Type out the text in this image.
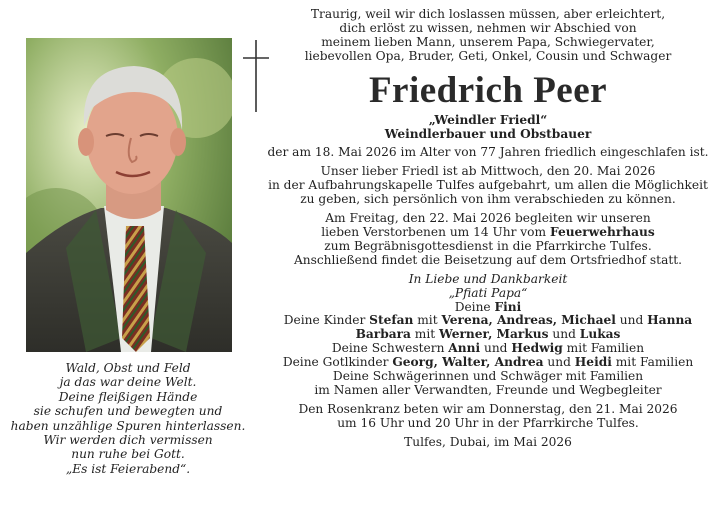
Wald, Obst und Feld
ja das war deine Welt.
Deine fleißigen Hände
sie schufen und bewegten und
haben unzählige Spuren hinterlassen.
Wir werden dich vermissen
nun ruhe bei Gott.
„Es ist Feierabend“.
Traurig, weil wir dich loslassen müssen, aber erleichtert,
dich erlöst zu wissen, nehmen wir Abschied von
meinem lieben Mann, unserem Papa, Schwiegervater,
liebevollen Opa, Bruder, Geti, Onkel, Cousin und Schwager
Friedrich Peer
„Weindler Friedl“
Weindlerbauer und Obstbauer
der am 18. Mai 2026 im Alter von 77 Jahren friedlich eingeschlafen ist.
Unser lieber Friedl ist ab Mittwoch, den 20. Mai 2026
in der Aufbahrungskapelle Tulfes aufgebahrt, um allen die Möglichkeit
zu geben, sich persönlich von ihm verabschieden zu können.
Am Freitag, den 22. Mai 2026 begleiten wir unseren
lieben Verstorbenen um 14 Uhr vom Feuerwehrhaus
zum Begräbnisgottesdienst in die Pfarrkirche Tulfes.
Anschließend findet die Beisetzung auf dem Ortsfriedhof statt.
In Liebe und Dankbarkeit
„Pfiati Papa“
Deine Fini
Deine Kinder Stefan mit Verena, Andreas, Michael und Hanna
Barbara mit Werner, Markus und Lukas
Deine Schwestern Anni und Hedwig mit Familien
Deine Gotlkinder Georg, Walter, Andrea und Heidi mit Familien
Deine Schwägerinnen und Schwäger mit Familien
im Namen aller Verwandten, Freunde und Wegbegleiter
Den Rosenkranz beten wir am Donnerstag, den 21. Mai 2026
um 16 Uhr und 20 Uhr in der Pfarrkirche Tulfes.
Tulfes, Dubai, im Mai 2026
